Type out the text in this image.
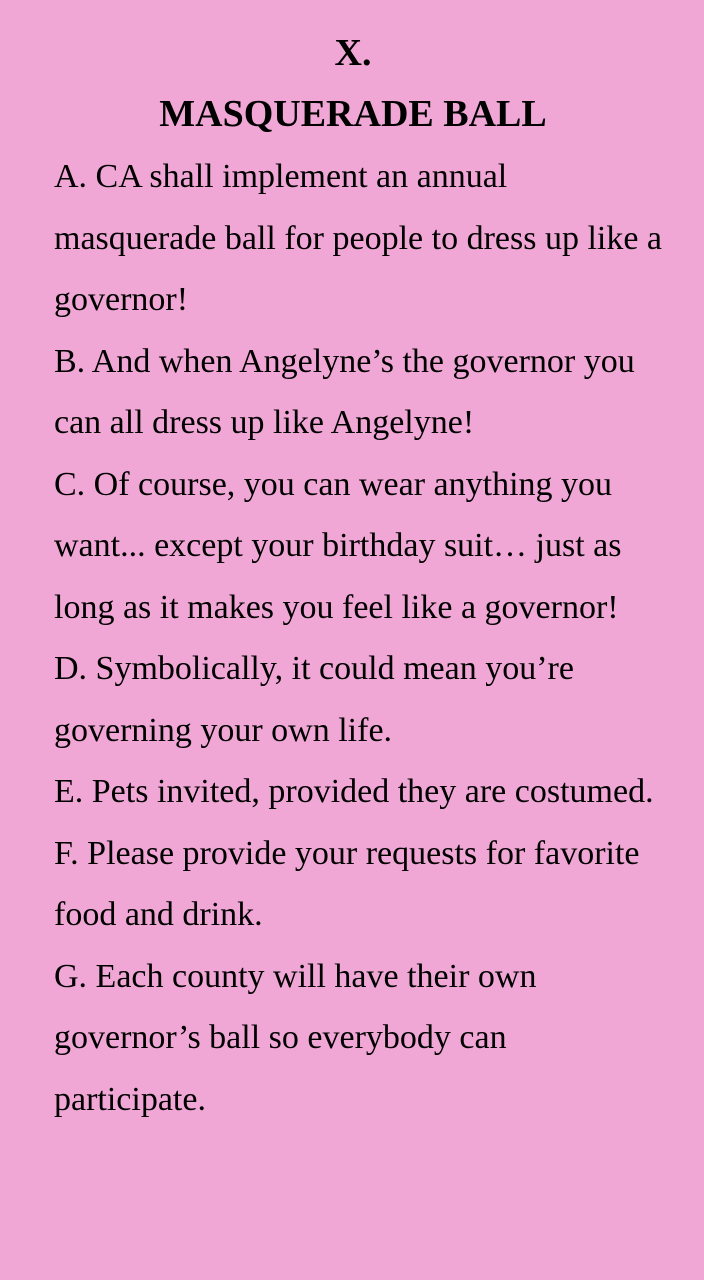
X.
MASQUERADE BALL
A. CA shall implement an annual masquerade ball for people to dress up like a governor!
B. And when Angelyne’s the governor you can all dress up like Angelyne!
C. Of course, you can wear anything you want... except your birthday suit… just as long as it makes you feel like a governor!
D. Symbolically, it could mean you’re governing your own life.
E. Pets invited, provided they are costumed.
F. Please provide your requests for favorite food and drink.
G. Each county will have their own governor’s ball so everybody can participate.
